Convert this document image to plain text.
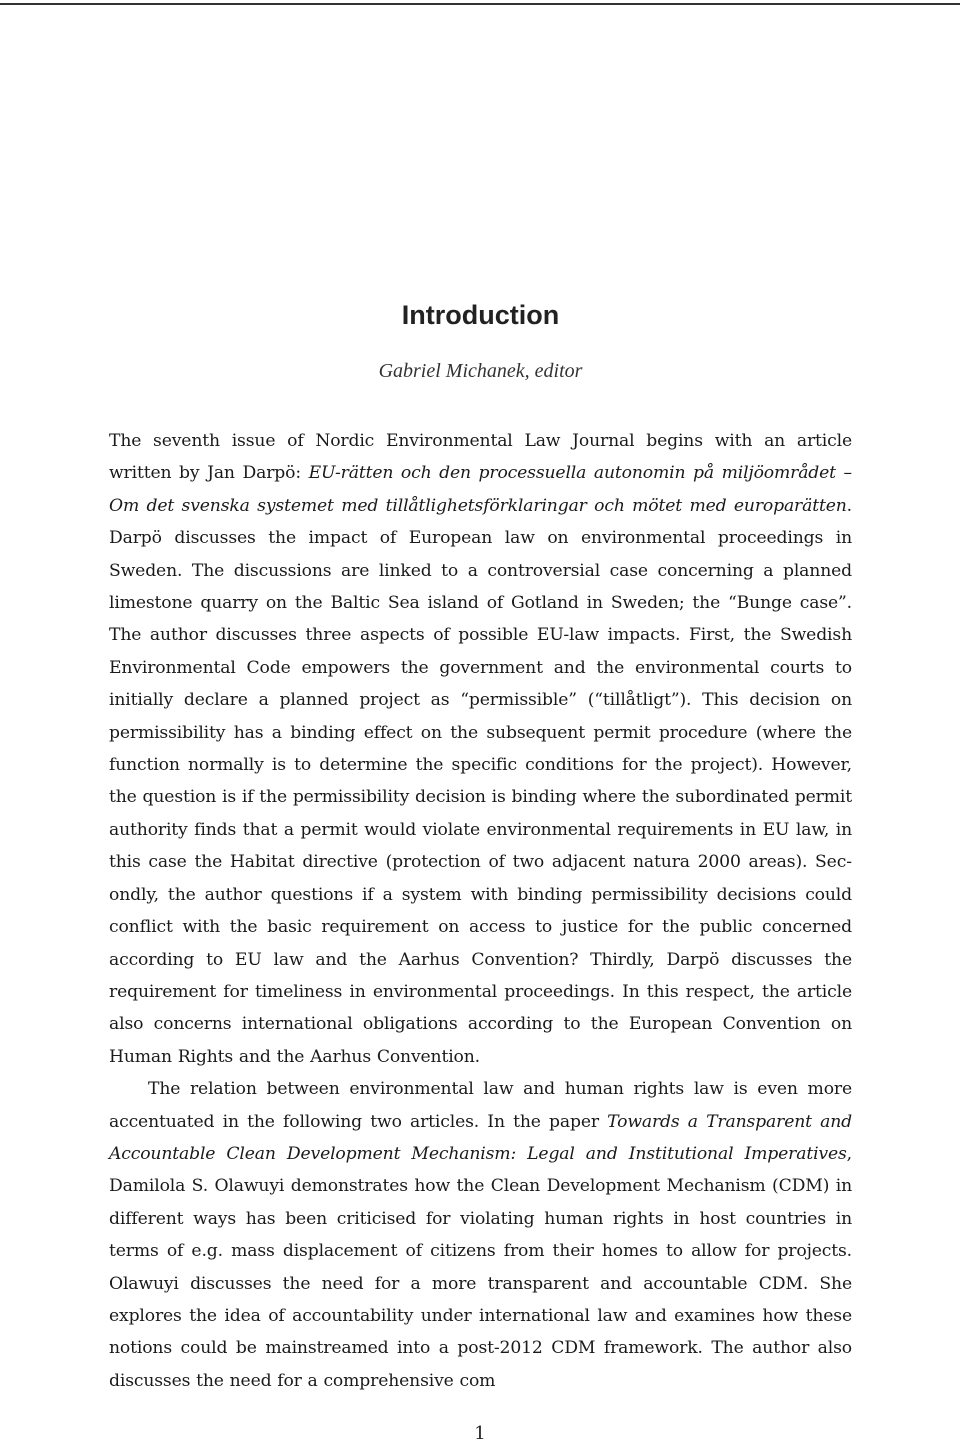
Introduction
Gabriel Michanek, editor

The seventh issue of Nordic Environmental Law Journal begins with an article written by Jan Darpö: EU-rätten och den processuella autonomin på miljöområdet – Om det svenska systemet med tillåtlighetsförklaringar och mötet med europarätten. Darpö discusses the impact of European law on environmental proceedings in Sweden. The discussions are linked to a controversial case concerning a planned limestone quarry on the Baltic Sea island of Gotland in Sweden; the “Bunge case”. The author discusses three aspects of possible EU-law impacts. First, the Swedish Environmental Code empowers the government and the environmental courts to initially declare a planned project as “permissible” (“tillåtligt”). This decision on permissibility has a binding effect on the subsequent permit procedure (where the function normally is to determine the specific conditions for the project). However, the question is if the permissibility decision is binding where the subordinated permit authority finds that a permit would violate environmental requirements in EU law, in this case the Habitat directive (protection of two adjacent natura 2000 areas). Secondly, the author questions if a system with binding permissibility decisions could conflict with the basic requirement on access to justice for the public concerned according to EU law and the Aarhus Convention? Thirdly, Darpö discusses the requirement for timeliness in environmental proceedings. In this respect, the article also concerns international obligations according to the European Convention on Human Rights and the Aarhus Convention.

The relation between environmental law and human rights law is even more accentuated in the following two articles. In the paper Towards a Transparent and Accountable Clean Development Mechanism: Legal and Institutional Imperatives, Damilola S. Olawuyi demonstrates how the Clean Development Mechanism (CDM) in different ways has been criticised for violating human rights in host countries in terms of e.g. mass displacement of citizens from their homes to allow for projects. Olawuyi discusses the need for a more transparent and accountable CDM. She explores the idea of accountability under international law and examines how these notions could be mainstreamed into a post-2012 CDM framework. The author also discusses the need for a comprehensive com

1
